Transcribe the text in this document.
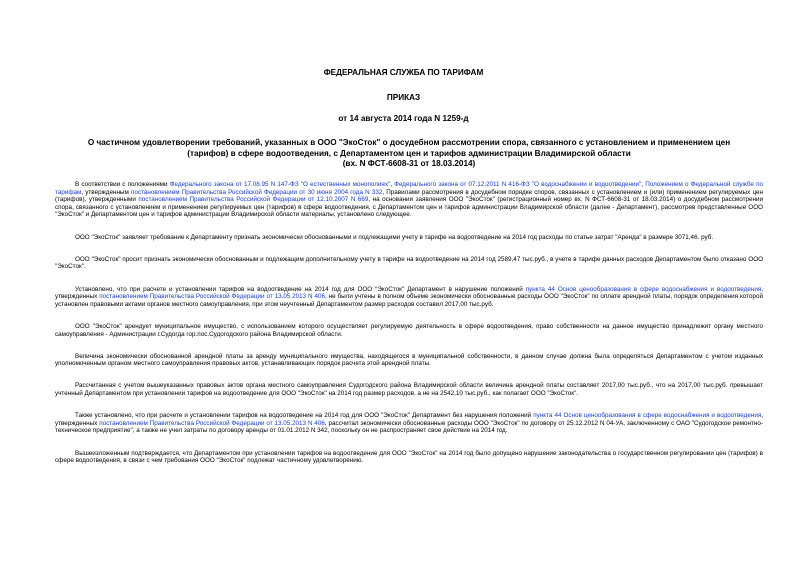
ФЕДЕРАЛЬНАЯ СЛУЖБА ПО ТАРИФАМ
ПРИКАЗ
от 14 августа 2014 года N 1259-д
О частичном удовлетворении требований, указанных в ООО "ЭкоСток" о досудебном рассмотрении спора, связанного с установлением и применением цен
(тарифов) в сфере водоотведения, с Департаментом цен и тарифов администрации Владимирской области
(вх. N ФСТ-6608-31 от 18.03.2014)

В соответствии с положениями Федерального закона от 17.08.95 N 147-ФЗ "О естественных монополиях", Федерального закона от 07.12.2011 N 416-ФЗ "О водоснабжении и водоотведении", Положением о Федеральной службе по тарифам, утвержденным постановлением Правительства Российской Федерации от 30 июня 2004 года N 332, Правилами рассмотрения в досудебном порядке споров, связанных с установлением и (или) применением регулируемых цен (тарифов), утвержденными постановлением Правительства Российской Федерации от 12.10.2007 N 669, на основании заявления ООО "ЭкоСток" (регистрационный номер вх. N ФСТ-6608-31 от 18.03.2014) о досудебном рассмотрении спора, связанного с установлением и применением регулируемых цен (тарифов) в сфере водоотведения, с Департаментом цен и тарифов администрации Владимирской области (далее - Департамент), рассмотрев представленные ООО "ЭкоСток" и Департаментом цен и тарифов администрации Владимирской области материалы, установлено следующее.

ООО "ЭкоСток" заявляет требование к Департаменту признать экономически обоснованными и подлежащими учету в тарифе на водоотведение на 2014 год расходы по статье затрат "Аренда" в размере 3071,46. руб.

ООО "ЭкоСток" просит признать экономически обоснованным и подлежащим дополнительному учету в тарифе на водоотведение на 2014 год 2589,47 тыс.руб., в учете в тарифе данных расходов Департаментом было отказано ООО "ЭкоСток".

Установлено, что при расчете и установлении тарифов на водоотведение на 2014 год для ООО "ЭкоСток" Департамент в нарушение положений пункта 44 Основ ценообразования в сфере водоснабжения и водоотведения, утвержденных постановлением Правительства Российской Федерации от 13.05.2013 N 406, не были учтены в полном объеме экономически обоснованные расходы ООО "ЭкоСток" по оплате арендной платы, порядок определения которой установлен правовыми актами органов местного самоуправления, при этом неучтенный Департаментом размер расходов составил 2017,00 тыс.руб.

ООО "ЭкоСток" арендует муниципальное имущество, с использованием которого осуществляет регулируемую деятельность в сфере водоотведения, право собственности на данное имущество принадлежит органу местного самоуправления - Администрации г.Судогда гор.пос.Судогодского района Владимирской области.

Величина экономически обоснованной арендной платы за аренду муниципального имущества, находящегося в муниципальной собственности, в данном случае должна была определяться Департаментом с учетом изданных уполномоченным органом местного самоуправления правовых актов, устанавливающих порядок расчета этой арендной платы.

Рассчитанная с учетом вышеуказанных правовых актов органа местного самоуправления Судогодского района Владимирской области величина арендной платы составляет 2017,00 тыс.руб., что на 2017,00 тыс.руб. превышает учтенный Департаментом при установлении тарифов на водоотведение для ООО "ЭкоСток" на 2014 год размер расходов, а не на 2542,10 тыс.руб., как полагает ООО "ЭкоСток".

Также установлено, что при расчете и установлении тарифов на водоотведение на 2014 год для ООО "ЭкоСток" Департамент без нарушения положений пункта 44 Основ ценообразования в сфере водоснабжения и водоотведения, утвержденных постановлением Правительства Российской Федерации от 13.05.2013 N 406, рассчитал экономически обоснованные расходы ООО "ЭкоСток" по договору от 25.12.2012 N 04-УА, заключенному с ОАО "Судогодское ремонтно-техническое предприятие", а также не учел затраты по договору аренды от 01.01.2012 N 342, поскольку он не распространяет свое действие на 2014 год.

Вышеизложенным подтверждается, что Департаментом при установлении тарифов на водоотведение для ООО "ЭкоСток" на 2014 год было допущено нарушение законодательства о государственном регулировании цен (тарифов) в сфере водоотведения, в связи с чем требования ООО "ЭкоСток" подлежат частичному удовлетворению.
